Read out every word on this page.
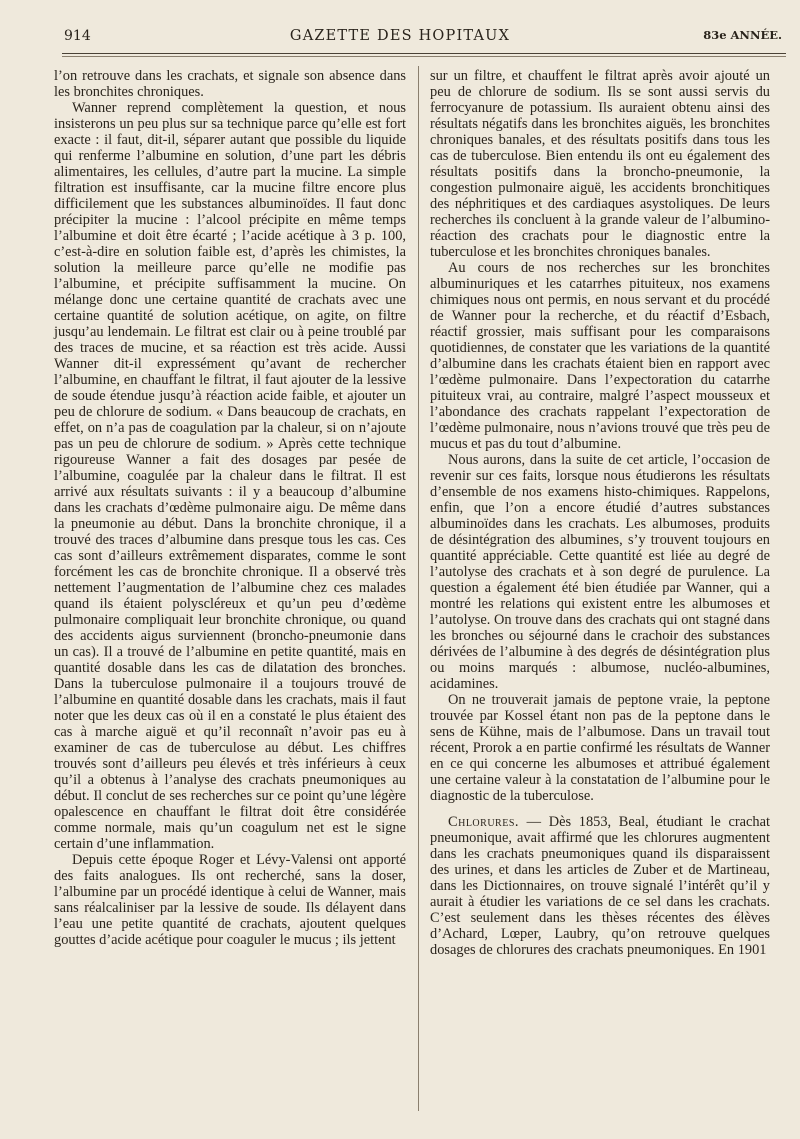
914	GAZETTE DES HOPITAUX	83e ANNÉE.

l’on retrouve dans les crachats, et signale son absence dans les bronchites chroniques.

Wanner reprend complètement la question, et nous insisterons un peu plus sur sa technique parce qu’elle est fort exacte : il faut, dit-il, séparer autant que possible du liquide qui renferme l’albumine en solution, d’une part les débris alimentaires, les cellules, d’autre part la mucine. La simple filtration est insuffisante, car la mucine filtre encore plus difficilement que les substances albuminoïdes. Il faut donc précipiter la mucine : l’alcool précipite en même temps l’albumine et doit être écarté ; l’acide acétique à 3 p. 100, c’est-à-dire en solution faible est, d’après les chimistes, la solution la meilleure parce qu’elle ne modifie pas l’albumine, et précipite suffisamment la mucine. On mélange donc une certaine quantité de crachats avec une certaine quantité de solution acétique, on agite, on filtre jusqu’au lendemain. Le filtrat est clair ou à peine troublé par des traces de mucine, et sa réaction est très acide. Aussi Wanner dit-il expressément qu’avant de rechercher l’albumine, en chauffant le filtrat, il faut ajouter de la lessive de soude étendue jusqu’à réaction acide faible, et ajouter un peu de chlorure de sodium. « Dans beaucoup de crachats, en effet, on n’a pas de coagulation par la chaleur, si on n’ajoute pas un peu de chlorure de sodium. » Après cette technique rigoureuse Wanner a fait des dosages par pesée de l’albumine, coagulée par la chaleur dans le filtrat. Il est arrivé aux résultats suivants : il y a beaucoup d’albumine dans les crachats d’œdème pulmonaire aigu. De même dans la pneumonie au début. Dans la bronchite chronique, il a trouvé des traces d’albumine dans presque tous les cas. Ces cas sont d’ailleurs extrêmement disparates, comme le sont forcément les cas de bronchite chronique. Il a observé très nettement l’augmentation de l’albumine chez ces malades quand ils étaient polyscléreux et qu’un peu d’œdème pulmonaire compliquait leur bronchite chronique, ou quand des accidents aigus surviennent (broncho-pneumonie dans un cas). Il a trouvé de l’albumine en petite quantité, mais en quantité dosable dans les cas de dilatation des bronches. Dans la tuberculose pulmonaire il a toujours trouvé de l’albumine en quantité dosable dans les crachats, mais il faut noter que les deux cas où il en a constaté le plus étaient des cas à marche aiguë et qu’il reconnaît n’avoir pas eu à examiner de cas de tuberculose au début. Les chiffres trouvés sont d’ailleurs peu élevés et très inférieurs à ceux qu’il a obtenus à l’analyse des crachats pneumoniques au début. Il conclut de ses recherches sur ce point qu’une légère opalescence en chauffant le filtrat doit être considérée comme normale, mais qu’un coagulum net est le signe certain d’une inflammation.

Depuis cette époque Roger et Lévy-Valensi ont apporté des faits analogues. Ils ont recherché, sans la doser, l’albumine par un procédé identique à celui de Wanner, mais sans réalcaliniser par la lessive de soude. Ils délayent dans l’eau une petite quantité de crachats, ajoutent quelques gouttes d’acide acétique pour coaguler le mucus ; ils jettent

sur un filtre, et chauffent le filtrat après avoir ajouté un peu de chlorure de sodium. Ils se sont aussi servis du ferrocyanure de potassium. Ils auraient obtenu ainsi des résultats négatifs dans les bronchites aiguës, les bronchites chroniques banales, et des résultats positifs dans tous les cas de tuberculose. Bien entendu ils ont eu également des résultats positifs dans la broncho-pneumonie, la congestion pulmonaire aiguë, les accidents bronchitiques des néphritiques et des cardiaques asystoliques. De leurs recherches ils concluent à la grande valeur de l’albumino-réaction des crachats pour le diagnostic entre la tuberculose et les bronchites chroniques banales.

Au cours de nos recherches sur les bronchites albuminuriques et les catarrhes pituiteux, nos examens chimiques nous ont permis, en nous servant et du procédé de Wanner pour la recherche, et du réactif d’Esbach, réactif grossier, mais suffisant pour les comparaisons quotidiennes, de constater que les variations de la quantité d’albumine dans les crachats étaient bien en rapport avec l’œdème pulmonaire. Dans l’expectoration du catarrhe pituiteux vrai, au contraire, malgré l’aspect mousseux et l’abondance des crachats rappelant l’expectoration de l’œdème pulmonaire, nous n’avions trouvé que très peu de mucus et pas du tout d’albumine.

Nous aurons, dans la suite de cet article, l’occasion de revenir sur ces faits, lorsque nous étudierons les résultats d’ensemble de nos examens histo-chimiques. Rappelons, enfin, que l’on a encore étudié d’autres substances albuminoïdes dans les crachats. Les albumoses, produits de désintégration des albumines, s’y trouvent toujours en quantité appréciable. Cette quantité est liée au degré de l’autolyse des crachats et à son degré de purulence. La question a également été bien étudiée par Wanner, qui a montré les relations qui existent entre les albumoses et l’autolyse. On trouve dans des crachats qui ont stagné dans les bronches ou séjourné dans le crachoir des substances dérivées de l’albumine à des degrés de désintégration plus ou moins marqués : albumose, nucléo-albumines, acidamines.

On ne trouverait jamais de peptone vraie, la peptone trouvée par Kossel étant non pas de la peptone dans le sens de Kühne, mais de l’albumose. Dans un travail tout récent, Prorok a en partie confirmé les résultats de Wanner en ce qui concerne les albumoses et attribué également une certaine valeur à la constatation de l’albumine pour le diagnostic de la tuberculose.

Chlorures. — Dès 1853, Beal, étudiant le crachat pneumonique, avait affirmé que les chlorures augmentent dans les crachats pneumoniques quand ils disparaissent des urines, et dans les articles de Zuber et de Martineau, dans les Dictionnaires, on trouve signalé l’intérêt qu’il y aurait à étudier les variations de ce sel dans les crachats. C’est seulement dans les thèses récentes des élèves d’Achard, Lœper, Laubry, qu’on retrouve quelques dosages de chlorures des crachats pneumoniques. En 1901
